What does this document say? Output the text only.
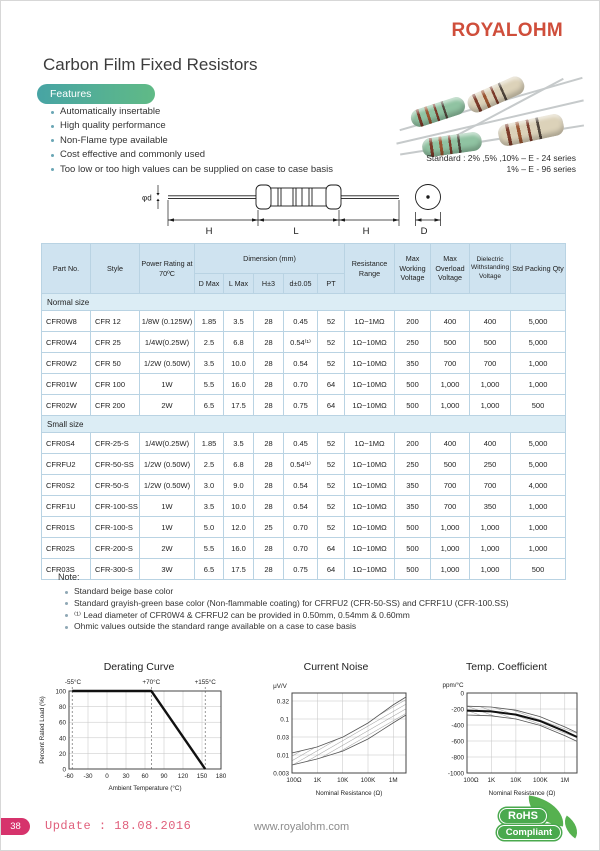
ROYALOHM
Carbon Film Fixed Resistors
Features
Automatically insertable
High quality performance
Non-Flame type available
Cost effective and commonly used
Too low or too high values can be supplied on case to case basis
Standard : 2% ,5% ,10% – E - 24 series
1% – E - 96 series
φd
H	L	H	D
Part No.	Style	Power Rating at 70ºC	Dimension (mm)					Resistance Range	Max Working Voltage	Max Overload Voltage	Dielectric Withstanding Voltage	Std Packing Qty
			D Max	L Max	H±3	d±0.05	PT					
Normal size												
CFR0W8	CFR 12	1/8W (0.125W)	1.85	3.5	28	0.45	52	1Ω~1MΩ	200	400	400	5,000
CFR0W4	CFR 25	1/4W(0.25W)	2.5	6.8	28	0.54⁽¹⁾	52	1Ω~10MΩ	250	500	500	5,000
CFR0W2	CFR 50	1/2W (0.50W)	3.5	10.0	28	0.54	52	1Ω~10MΩ	350	700	700	1,000
CFR01W	CFR 100	1W	5.5	16.0	28	0.70	64	1Ω~10MΩ	500	1,000	1,000	1,000
CFR02W	CFR 200	2W	6.5	17.5	28	0.75	64	1Ω~10MΩ	500	1,000	1,000	500
Small size												
CFR0S4	CFR-25-S	1/4W(0.25W)	1.85	3.5	28	0.45	52	1Ω~1MΩ	200	400	400	5,000
CFRFU2	CFR-50-SS	1/2W (0.50W)	2.5	6.8	28	0.54⁽¹⁾	52	1Ω~10MΩ	250	500	250	5,000
CFR0S2	CFR-50-S	1/2W (0.50W)	3.0	9.0	28	0.54	52	1Ω~10MΩ	350	700	700	4,000
CFRF1U	CFR-100-SS	1W	3.5	10.0	28	0.54	52	1Ω~10MΩ	350	700	350	1,000
CFR01S	CFR-100-S	1W	5.0	12.0	25	0.70	52	1Ω~10MΩ	500	1,000	1,000	1,000
CFR02S	CFR-200-S	2W	5.5	16.0	28	0.70	64	1Ω~10MΩ	500	1,000	1,000	1,000
CFR03S	CFR-300-S	3W	6.5	17.5	28	0.75	64	1Ω~10MΩ	500	1,000	1,000	500
Note:
Standard beige base color
Standard grayish-green base color (Non-flammable coating) for CFRFU2 (CFR-50-SS) and CFRF1U (CFR-100.SS)
⁽¹⁾ Lead diameter of CFR0W4 & CFRFU2 can be provided in 0.50mm, 0.54mm & 0.60mm
Ohmic values outside the standard range available on a case to case basis
Derating Curve
-55°C	+70°C	+155°C
100
80
60
40
20
0
-60 -30 0 30 60 90 120 150 180
Percent Rated Load (%)
Ambient Temperature (°C)
Current Noise
μV/V
0.32
0.1
0.03
0.01
0.003
100Ω 1K	10K 100K 1M
Nominal Resistance (Ω)
Temp. Coefficient
ppm/°C
0
-200
-400
-600
-800
-1000
100Ω 1K 10K 100K 1M
Nominal Resistance (Ω)
38	Update : 18.08.2016	www.royalohm.com
RoHS
Compliant
